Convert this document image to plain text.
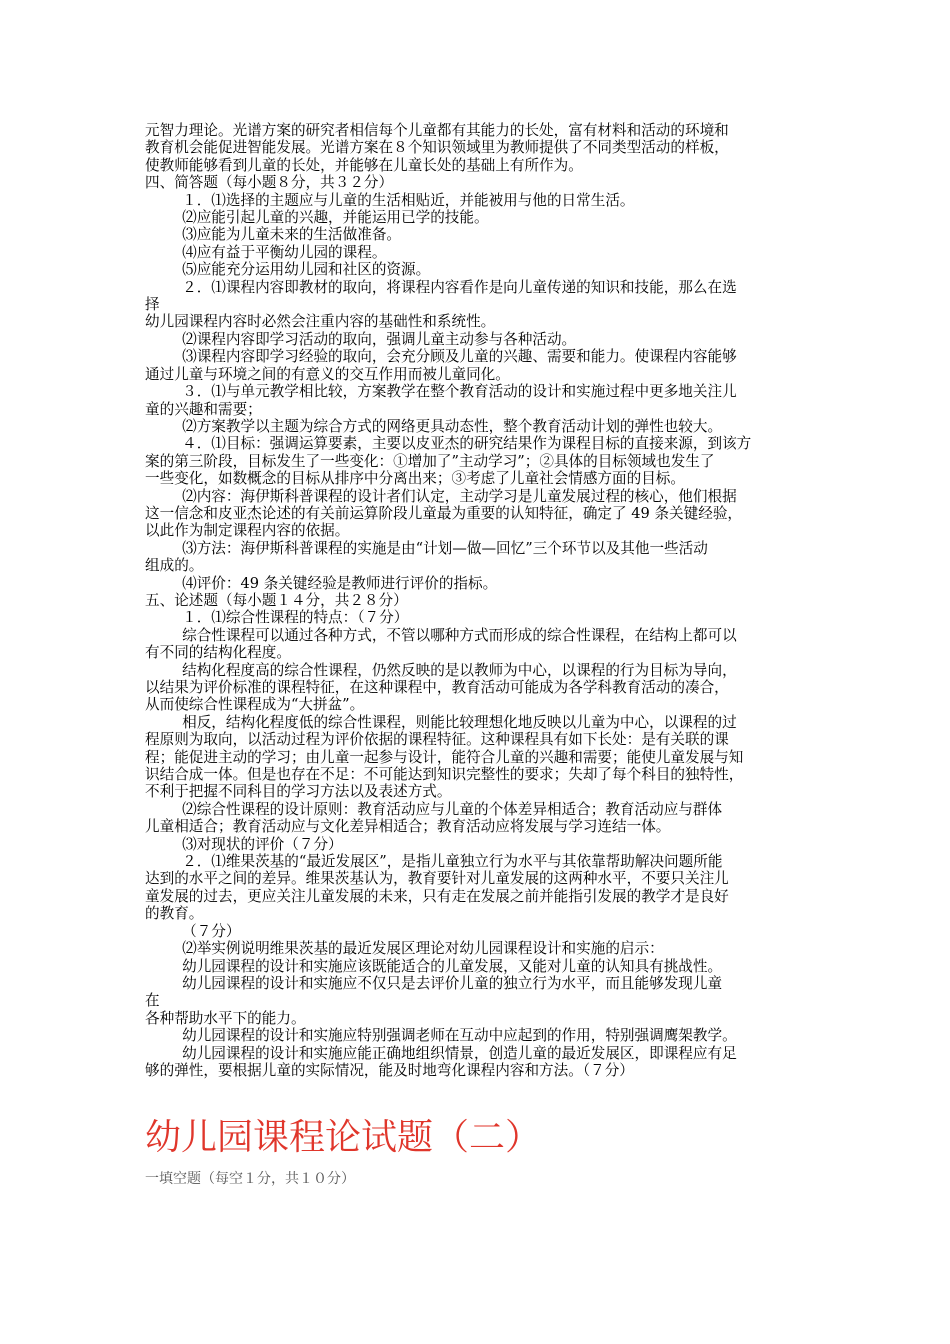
元智力理论。光谱方案的研究者相信每个儿童都有其能力的长处，富有材料和活动的环境和
教育机会能促进智能发展。光谱方案在８个知识领域里为教师提供了不同类型活动的样板，
使教师能够看到儿童的长处，并能够在儿童长处的基础上有所作为。
四、简答题（每小题８分，共３２分）
１．⑴选择的主题应与儿童的生活相贴近，并能被用与他的日常生活。
⑵应能引起儿童的兴趣，并能运用已学的技能。
⑶应能为儿童未来的生活做准备。
⑷应有益于平衡幼儿园的课程。
⑸应能充分运用幼儿园和社区的资源。
２．⑴课程内容即教材的取向，将课程内容看作是向儿童传递的知识和技能，那么在选
择
幼儿园课程内容时必然会注重内容的基础性和系统性。
⑵课程内容即学习活动的取向，强调儿童主动参与各种活动。
⑶课程内容即学习经验的取向，会充分顾及儿童的兴趣、需要和能力。使课程内容能够
通过儿童与环境之间的有意义的交互作用而被儿童同化。
３．⑴与单元教学相比较，方案教学在整个教育活动的设计和实施过程中更多地关注儿
童的兴趣和需要；
⑵方案教学以主题为综合方式的网络更具动态性，整个教育活动计划的弹性也较大。
４．⑴目标：强调运算要素，主要以皮亚杰的研究结果作为课程目标的直接来源，到该方
案的第三阶段，目标发生了一些变化：①增加了”主动学习”；②具体的目标领域也发生了
一些变化，如数概念的目标从排序中分离出来；③考虑了儿童社会情感方面的目标。
⑵内容：海伊斯科普课程的设计者们认定，主动学习是儿童发展过程的核心，他们根据
这一信念和皮亚杰论述的有关前运算阶段儿童最为重要的认知特征，确定了 49 条关键经验，
以此作为制定课程内容的依据。
⑶方法：海伊斯科普课程的实施是由“计划—做—回忆”三个环节以及其他一些活动
组成的。
⑷评价：49 条关键经验是教师进行评价的指标。
五、论述题（每小题１４分，共２８分）
１．⑴综合性课程的特点：（７分）
综合性课程可以通过各种方式，不管以哪种方式而形成的综合性课程，在结构上都可以
有不同的结构化程度。
结构化程度高的综合性课程，仍然反映的是以教师为中心，以课程的行为目标为导向，
以结果为评价标准的课程特征，在这种课程中，教育活动可能成为各学科教育活动的凑合，
从而使综合性课程成为“大拼盆”。
相反，结构化程度低的综合性课程，则能比较理想化地反映以儿童为中心，以课程的过
程原则为取向，以活动过程为评价依据的课程特征。这种课程具有如下长处：是有关联的课
程；能促进主动的学习；由儿童一起参与设计，能符合儿童的兴趣和需要；能使儿童发展与知
识结合成一体。但是也存在不足：不可能达到知识完整性的要求；失却了每个科目的独特性，
不利于把握不同科目的学习方法以及表述方式。
⑵综合性课程的设计原则：教育活动应与儿童的个体差异相适合；教育活动应与群体
儿童相适合；教育活动应与文化差异相适合；教育活动应将发展与学习连结一体。
⑶对现状的评价（７分）
２．⑴维果茨基的“最近发展区”，是指儿童独立行为水平与其依靠帮助解决问题所能
达到的水平之间的差异。维果茨基认为，教育要针对儿童发展的这两种水平，不要只关注儿
童发展的过去，更应关注儿童发展的未来，只有走在发展之前并能指引发展的教学才是良好
的教育。
（７分）
⑵举实例说明维果茨基的最近发展区理论对幼儿园课程设计和实施的启示：
幼儿园课程的设计和实施应该既能适合的儿童发展，又能对儿童的认知具有挑战性。
幼儿园课程的设计和实施应不仅只是去评价儿童的独立行为水平，而且能够发现儿童
在
各种帮助水平下的能力。
幼儿园课程的设计和实施应特别强调老师在互动中应起到的作用，特别强调鹰架教学。
幼儿园课程的设计和实施应能正确地组织情景，创造儿童的最近发展区，即课程应有足
够的弹性，要根据儿童的实际情况，能及时地弯化课程内容和方法。（７分）
幼儿园课程论试题（二）
一填空题（每空１分，共１０分）
